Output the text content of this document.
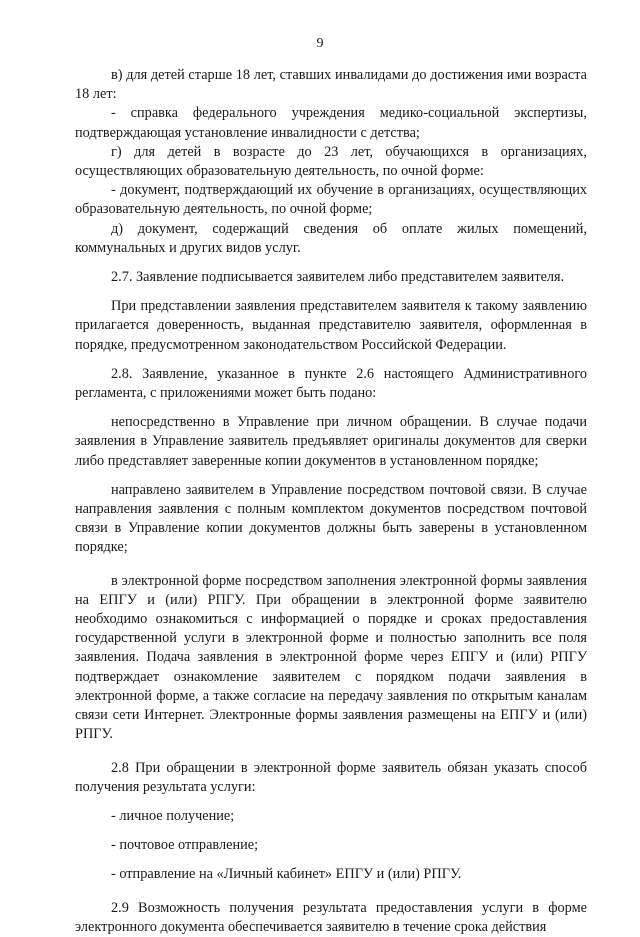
9

в) для детей старше 18 лет, ставших инвалидами до достижения ими возраста 18 лет:

- справка федерального учреждения медико-социальной экспертизы, подтверждающая установление инвалидности с детства;

г) для детей в возрасте до 23 лет, обучающихся в организациях, осуществляющих образовательную деятельность, по очной форме:

- документ, подтверждающий их обучение в организациях, осуществляющих образовательную деятельность, по очной форме;

д) документ, содержащий сведения об оплате жилых помещений, коммунальных и других видов услуг.

2.7. Заявление подписывается заявителем либо представителем заявителя.

При представлении заявления представителем заявителя к такому заявлению прилагается доверенность, выданная представителю заявителя, оформленная в порядке, предусмотренном законодательством Российской Федерации.

2.8. Заявление, указанное в пункте 2.6 настоящего Административного регламента, с приложениями может быть подано:

непосредственно в Управление при личном обращении. В случае подачи заявления в Управление заявитель предъявляет оригиналы документов для сверки либо представляет заверенные копии документов в установленном порядке;

направлено заявителем в Управление посредством почтовой связи. В случае направления заявления с полным комплектом документов посредством почтовой связи в Управление копии документов должны быть заверены в установленном порядке;

в электронной форме посредством заполнения электронной формы заявления на ЕПГУ и (или) РПГУ. При обращении в электронной форме заявителю необходимо ознакомиться с информацией о порядке и сроках предоставления государственной услуги в электронной форме и полностью заполнить все поля заявления. Подача заявления в электронной форме через ЕПГУ и (или) РПГУ подтверждает ознакомление заявителем с порядком подачи заявления в электронной форме, а также согласие на передачу заявления по открытым каналам связи сети Интернет. Электронные формы заявления размещены на ЕПГУ и (или) РПГУ.

2.8 При обращении в электронной форме заявитель обязан указать способ получения результата услуги:

- личное получение;

- почтовое отправление;

- отправление на «Личный кабинет» ЕПГУ и (или) РПГУ.

2.9 Возможность получения результата предоставления услуги в форме электронного документа обеспечивается заявителю в течение срока действия
